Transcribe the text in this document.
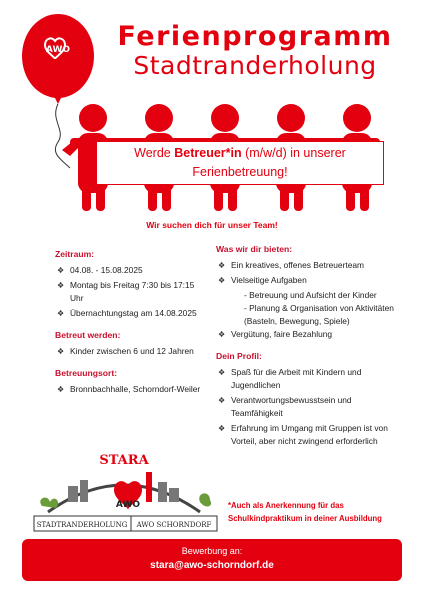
AWO	Ferienprogramm
Stadtranderholung
Werde Betreuer*in (m/w/d) in unserer
Ferienbetreuung!
Wir suchen dich für unser Team!
Zeitraum:
❖ 04.08. - 15.08.2025
❖ Montag bis Freitag 7:30 bis 17:15 Uhr
❖ Übernachtungstag am 14.08.2025
Betreut werden:
❖ Kinder zwischen 6 und 12 Jahren
Betreuungsort:
❖ Bronnbachhalle, Schorndorf-Weiler
Was wir dir bieten:
❖ Ein kreatives, offenes Betreuerteam
❖ Vielseitige Aufgaben
- Betreuung und Aufsicht der Kinder
- Planung & Organisation von Aktivitäten (Basteln, Bewegung, Spiele)
❖ Vergütung, faire Bezahlung
Dein Profil:
❖ Spaß für die Arbeit mit Kindern und Jugendlichen
❖ Verantwortungsbewusstsein und Teamfähigkeit
❖ Erfahrung im Umgang mit Gruppen ist von Vorteil, aber nicht zwingend erforderlich
*Auch als Anerkennung für das Schulkindpraktikum in deiner Ausbildung
STARA
AWO
STADTRANDERHOLUNG AWO SCHORNDORF
Bewerbung an:
stara@awo-schorndorf.de
